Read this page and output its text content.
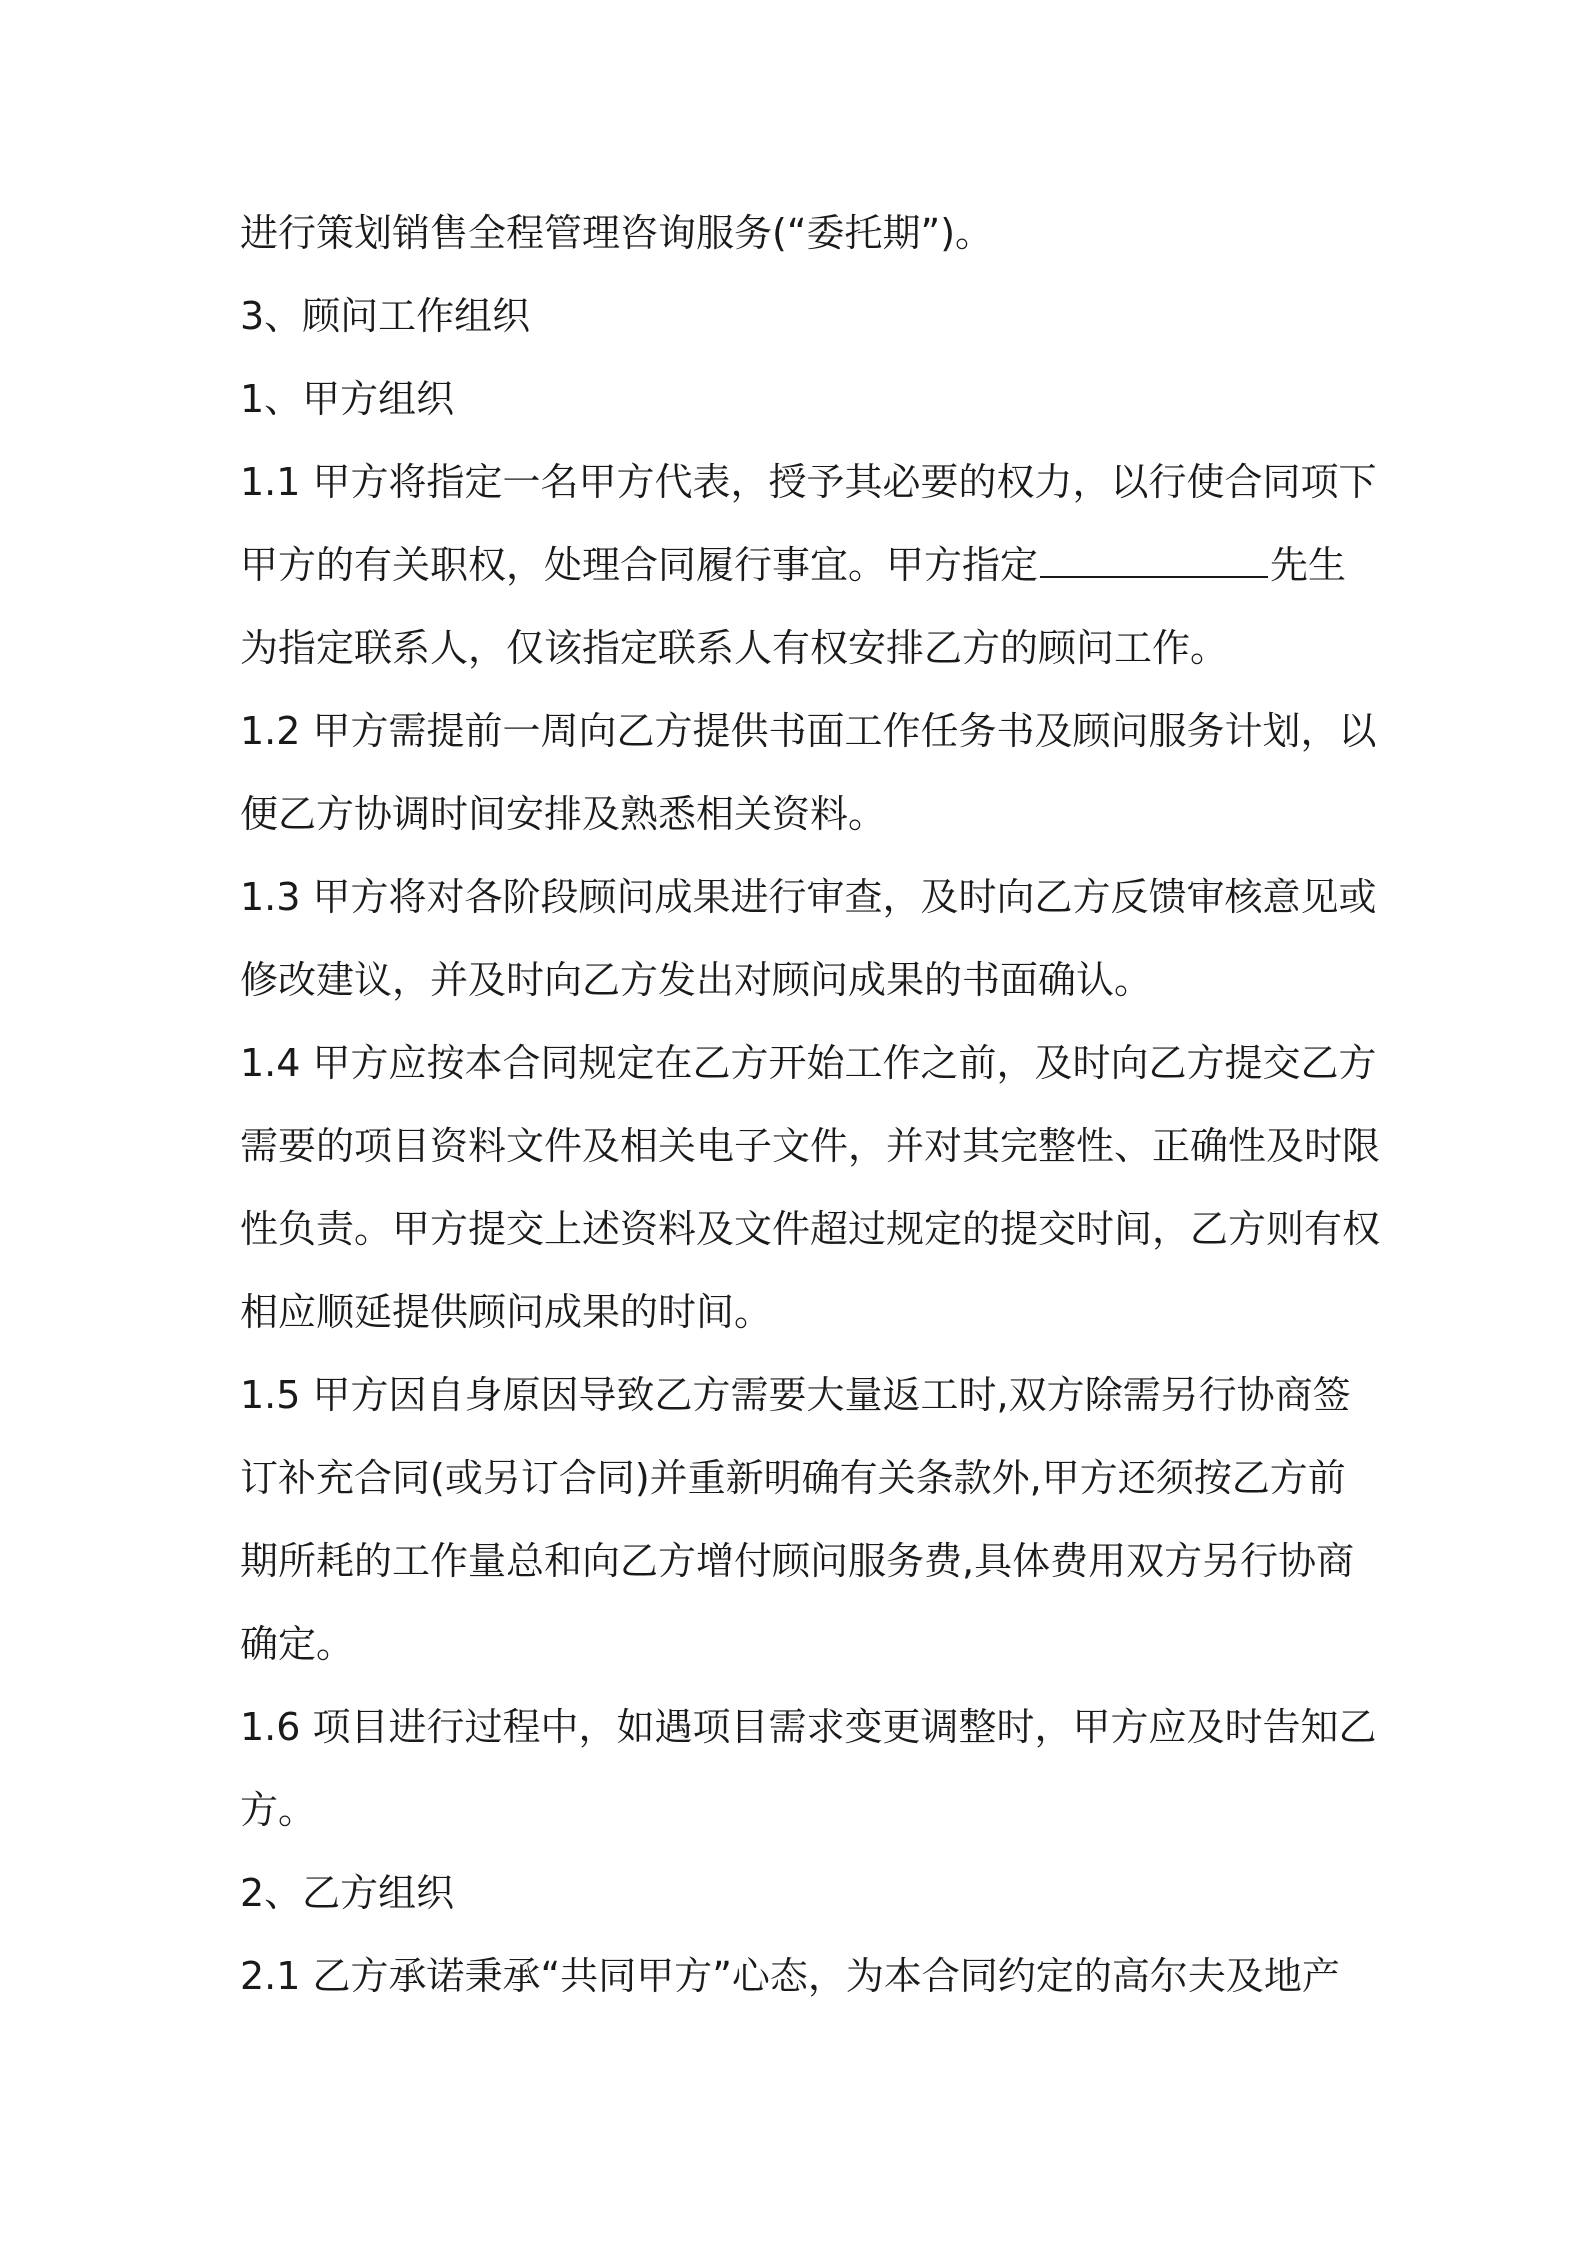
进行策划销售全程管理咨询服务(“委托期”)。
3、顾问工作组织
1、甲方组织
1.1 甲方将指定一名甲方代表，授予其必要的权力，以行使合同项下
甲方的有关职权，处理合同履行事宜。甲方指定	先生
为指定联系人，仅该指定联系人有权安排乙方的顾问工作。
1.2 甲方需提前一周向乙方提供书面工作任务书及顾问服务计划，以
便乙方协调时间安排及熟悉相关资料。
1.3 甲方将对各阶段顾问成果进行审查，及时向乙方反馈审核意见或
修改建议，并及时向乙方发出对顾问成果的书面确认。
1.4 甲方应按本合同规定在乙方开始工作之前，及时向乙方提交乙方
需要的项目资料文件及相关电子文件，并对其完整性、正确性及时限
性负责。甲方提交上述资料及文件超过规定的提交时间，乙方则有权
相应顺延提供顾问成果的时间。
1.5 甲方因自身原因导致乙方需要大量返工时,双方除需另行协商签
订补充合同(或另订合同)并重新明确有关条款外,甲方还须按乙方前
期所耗的工作量总和向乙方增付顾问服务费,具体费用双方另行协商
确定。
1.6 项目进行过程中，如遇项目需求变更调整时，甲方应及时告知乙
方。
2、乙方组织
2.1 乙方承诺秉承“共同甲方”心态，为本合同约定的高尔夫及地产
